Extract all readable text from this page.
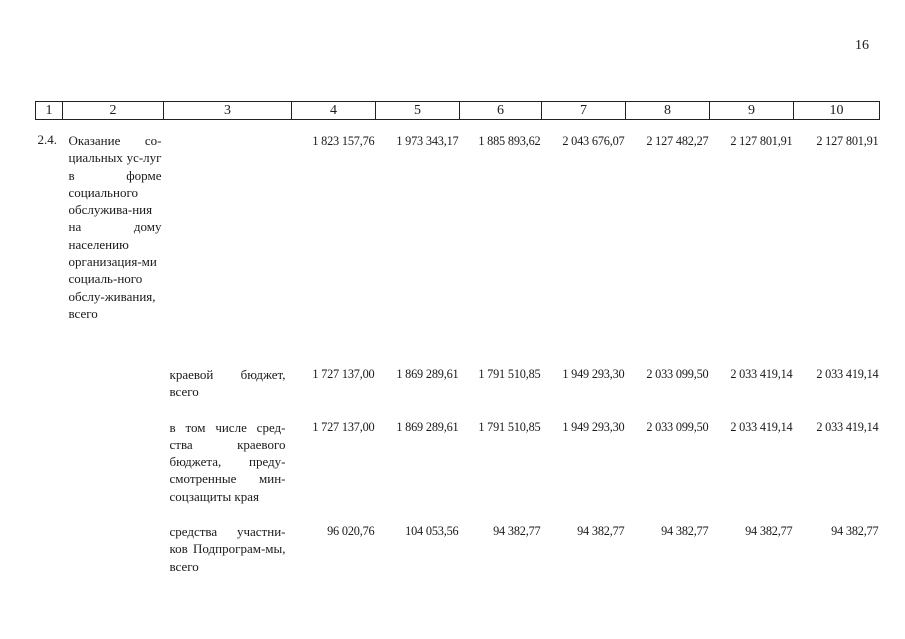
16
1	2	3	4	5	6	7	8	9	10
2.4.	Оказание со-циальных ус-луг в форме социального обслужива-ния на дому населению организация-ми социаль-ного обслу-живания, всего		1 823 157,76	1 973 343,17	1 885 893,62	2 043 676,07	2 127 482,27	2 127 801,91	2 127 801,91
		краевой бюджет, всего	1 727 137,00	1 869 289,61	1 791 510,85	1 949 293,30	2 033 099,50	2 033 419,14	2 033 419,14
		в том числе сред-ства краевого бюджета, преду-смотренные мин-соцзащиты края	1 727 137,00	1 869 289,61	1 791 510,85	1 949 293,30	2 033 099,50	2 033 419,14	2 033 419,14
		средства участни-ков Подпрограм-мы, всего	96 020,76	104 053,56	94 382,77	94 382,77	94 382,77	94 382,77	94 382,77
